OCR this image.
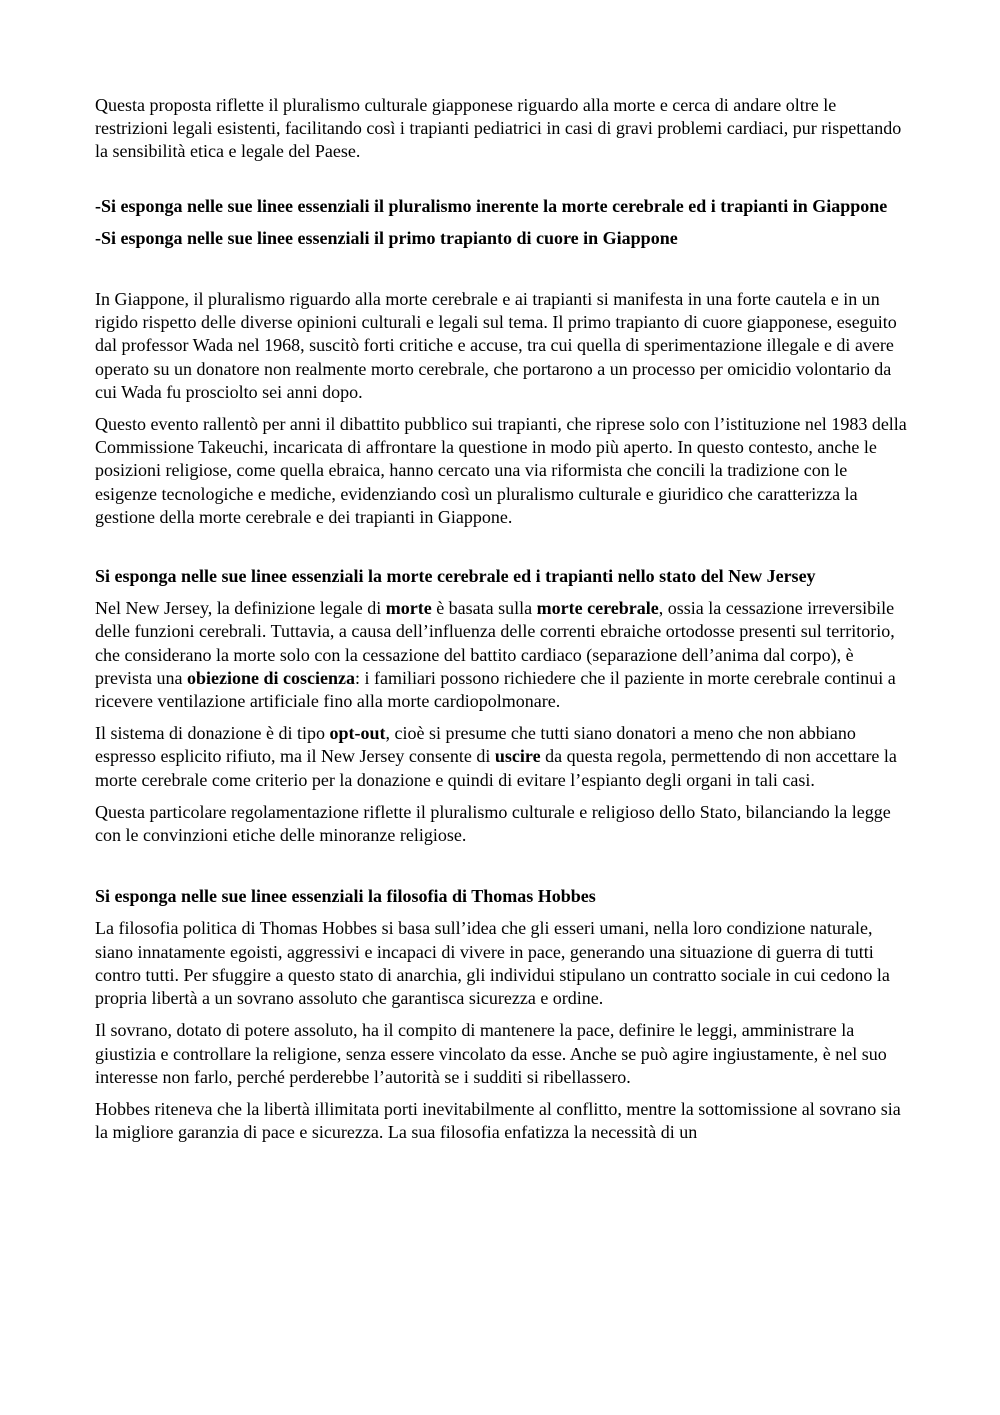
Questa proposta riflette il pluralismo culturale giapponese riguardo alla morte e cerca di andare oltre le restrizioni legali esistenti, facilitando così i trapianti pediatrici in casi di gravi problemi cardiaci, pur rispettando la sensibilità etica e legale del Paese.

-Si esponga nelle sue linee essenziali il pluralismo inerente la morte cerebrale ed i trapianti in Giappone

-Si esponga nelle sue linee essenziali il primo trapianto di cuore in Giappone

In Giappone, il pluralismo riguardo alla morte cerebrale e ai trapianti si manifesta in una forte cautela e in un rigido rispetto delle diverse opinioni culturali e legali sul tema. Il primo trapianto di cuore giapponese, eseguito dal professor Wada nel 1968, suscitò forti critiche e accuse, tra cui quella di sperimentazione illegale e di avere operato su un donatore non realmente morto cerebrale, che portarono a un processo per omicidio volontario da cui Wada fu prosciolto sei anni dopo.

Questo evento rallentò per anni il dibattito pubblico sui trapianti, che riprese solo con l’istituzione nel 1983 della Commissione Takeuchi, incaricata di affrontare la questione in modo più aperto. In questo contesto, anche le posizioni religiose, come quella ebraica, hanno cercato una via riformista che concili la tradizione con le esigenze tecnologiche e mediche, evidenziando così un pluralismo culturale e giuridico che caratterizza la gestione della morte cerebrale e dei trapianti in Giappone.

Si esponga nelle sue linee essenziali la morte cerebrale ed i trapianti nello stato del New Jersey

Nel New Jersey, la definizione legale di morte è basata sulla morte cerebrale, ossia la cessazione irreversibile delle funzioni cerebrali. Tuttavia, a causa dell’influenza delle correnti ebraiche ortodosse presenti sul territorio, che considerano la morte solo con la cessazione del battito cardiaco (separazione dell’anima dal corpo), è prevista una obiezione di coscienza: i familiari possono richiedere che il paziente in morte cerebrale continui a ricevere ventilazione artificiale fino alla morte cardiopolmonare.

Il sistema di donazione è di tipo opt-out, cioè si presume che tutti siano donatori a meno che non abbiano espresso esplicito rifiuto, ma il New Jersey consente di uscire da questa regola, permettendo di non accettare la morte cerebrale come criterio per la donazione e quindi di evitare l’espianto degli organi in tali casi.

Questa particolare regolamentazione riflette il pluralismo culturale e religioso dello Stato, bilanciando la legge con le convinzioni etiche delle minoranze religiose.

Si esponga nelle sue linee essenziali la filosofia di Thomas Hobbes

La filosofia politica di Thomas Hobbes si basa sull’idea che gli esseri umani, nella loro condizione naturale, siano innatamente egoisti, aggressivi e incapaci di vivere in pace, generando una situazione di guerra di tutti contro tutti. Per sfuggire a questo stato di anarchia, gli individui stipulano un contratto sociale in cui cedono la propria libertà a un sovrano assoluto che garantisca sicurezza e ordine.

Il sovrano, dotato di potere assoluto, ha il compito di mantenere la pace, definire le leggi, amministrare la giustizia e controllare la religione, senza essere vincolato da esse. Anche se può agire ingiustamente, è nel suo interesse non farlo, perché perderebbe l’autorità se i sudditi si ribellassero.

Hobbes riteneva che la libertà illimitata porti inevitabilmente al conflitto, mentre la sottomissione al sovrano sia la migliore garanzia di pace e sicurezza. La sua filosofia enfatizza la necessità di un
